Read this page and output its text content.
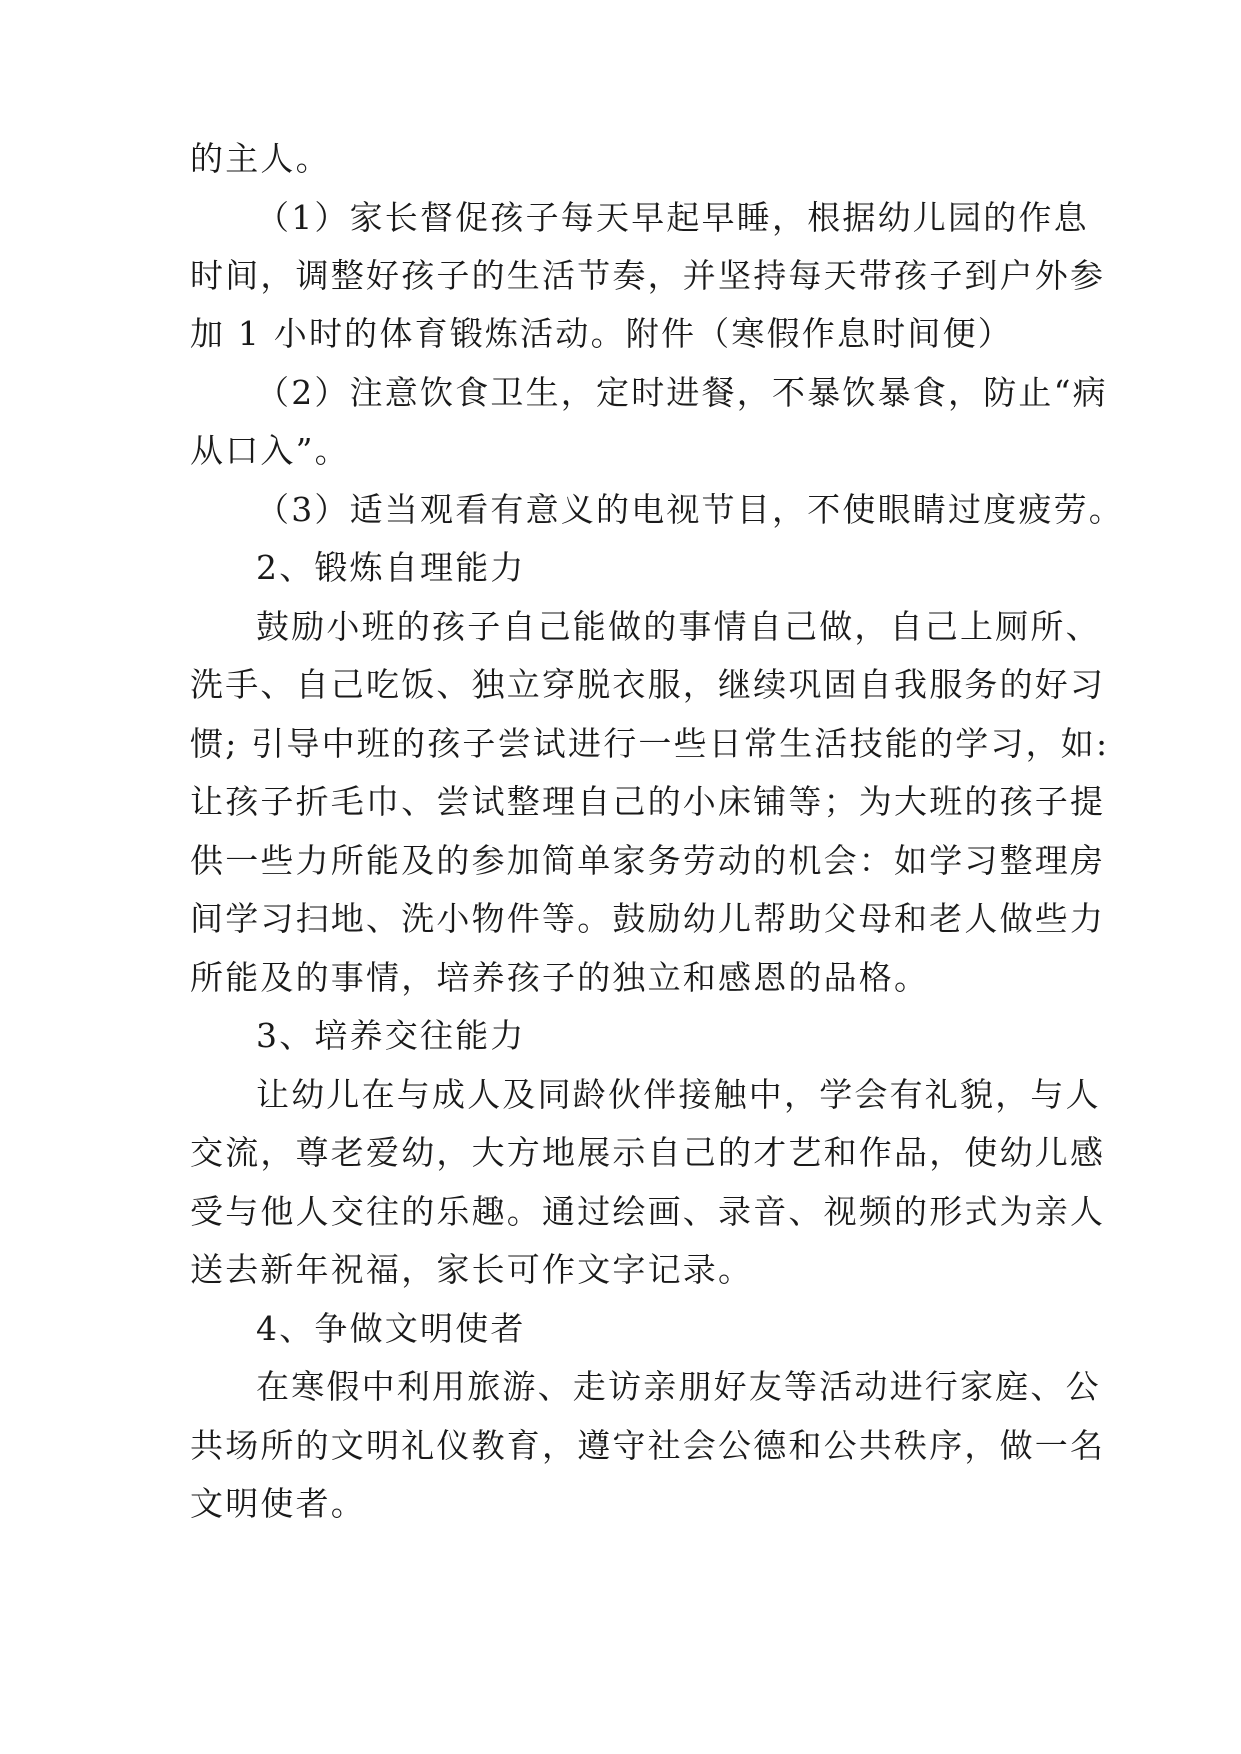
的主人。
（1）家长督促孩子每天早起早睡，根据幼儿园的作息
时间，调整好孩子的生活节奏，并坚持每天带孩子到户外参
加 1 小时的体育锻炼活动。附件（寒假作息时间便）
（2）注意饮食卫生，定时进餐，不暴饮暴食，防止“病
从口入”。
（3）适当观看有意义的电视节目，不使眼睛过度疲劳。
2、锻炼自理能力
鼓励小班的孩子自己能做的事情自己做，自己上厕所、
洗手、自己吃饭、独立穿脱衣服，继续巩固自我服务的好习
惯; 引导中班的孩子尝试进行一些日常生活技能的学习，如:
让孩子折毛巾、尝试整理自己的小床铺等；为大班的孩子提
供一些力所能及的参加简单家务劳动的机会：如学习整理房
间学习扫地、洗小物件等。鼓励幼儿帮助父母和老人做些力
所能及的事情，培养孩子的独立和感恩的品格。
3、培养交往能力
让幼儿在与成人及同龄伙伴接触中，学会有礼貌，与人
交流，尊老爱幼，大方地展示自己的才艺和作品，使幼儿感
受与他人交往的乐趣。通过绘画、录音、视频的形式为亲人
送去新年祝福，家长可作文字记录。
4、争做文明使者
在寒假中利用旅游、走访亲朋好友等活动进行家庭、公
共场所的文明礼仪教育，遵守社会公德和公共秩序，做一名
文明使者。
